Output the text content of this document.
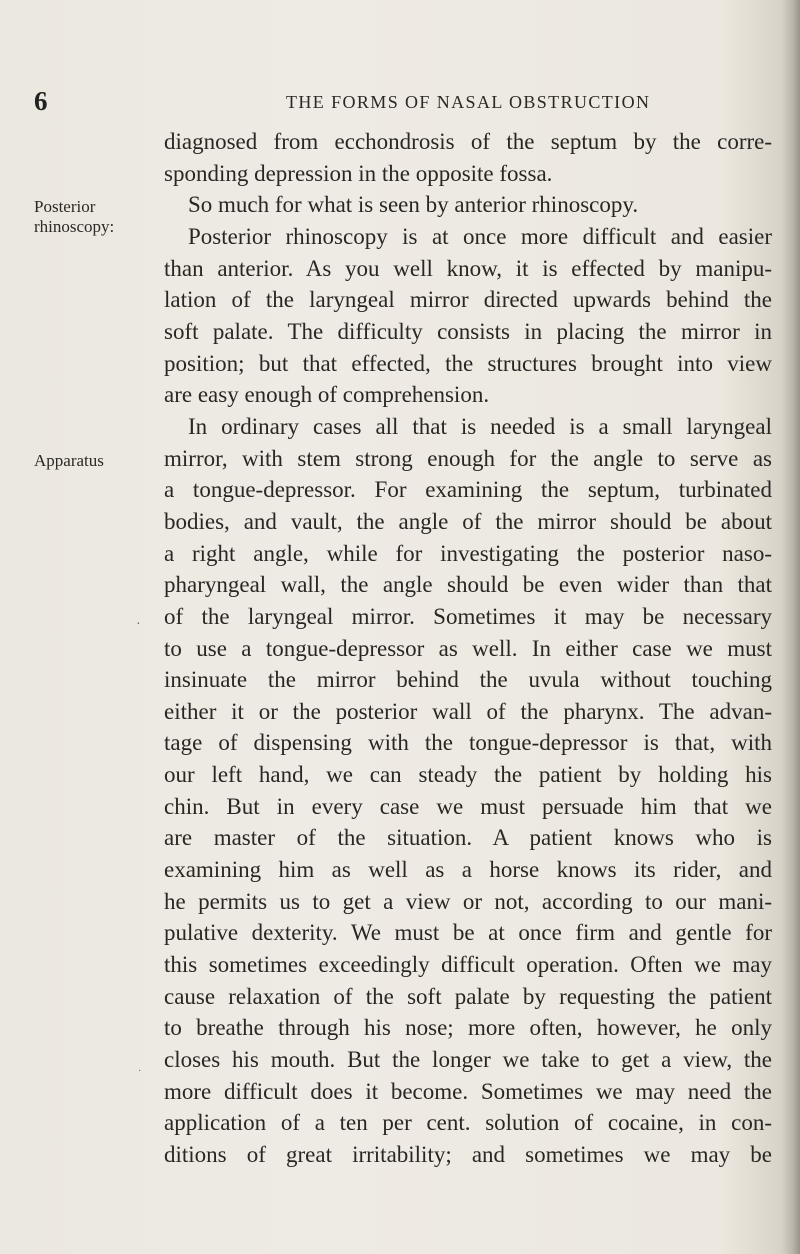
6	THE FORMS OF NASAL OBSTRUCTION
Posterior
rhinoscopy:
Apparatus
·
·
diagnosed from ecchondrosis of the septum by the corre-
sponding depression in the opposite fossa.
So much for what is seen by anterior rhinoscopy.
Posterior rhinoscopy is at once more difficult and easier
than anterior. As you well know, it is effected by manipu-
lation of the laryngeal mirror directed upwards behind the
soft palate. The difficulty consists in placing the mirror in
position; but that effected, the structures brought into view
are easy enough of comprehension.
In ordinary cases all that is needed is a small laryngeal
mirror, with stem strong enough for the angle to serve as
a tongue-depressor. For examining the septum, turbinated
bodies, and vault, the angle of the mirror should be about
a right angle, while for investigating the posterior naso-
pharyngeal wall, the angle should be even wider than that
of the laryngeal mirror. Sometimes it may be necessary
to use a tongue-depressor as well. In either case we must
insinuate the mirror behind the uvula without touching
either it or the posterior wall of the pharynx. The advan-
tage of dispensing with the tongue-depressor is that, with
our left hand, we can steady the patient by holding his
chin. But in every case we must persuade him that we
are master of the situation. A patient knows who is
examining him as well as a horse knows its rider, and
he permits us to get a view or not, according to our mani-
pulative dexterity. We must be at once firm and gentle for
this sometimes exceedingly difficult operation. Often we may
cause relaxation of the soft palate by requesting the patient
to breathe through his nose; more often, however, he only
closes his mouth. But the longer we take to get a view, the
more difficult does it become. Sometimes we may need the
application of a ten per cent. solution of cocaine, in con-
ditions of great irritability; and sometimes we may be
